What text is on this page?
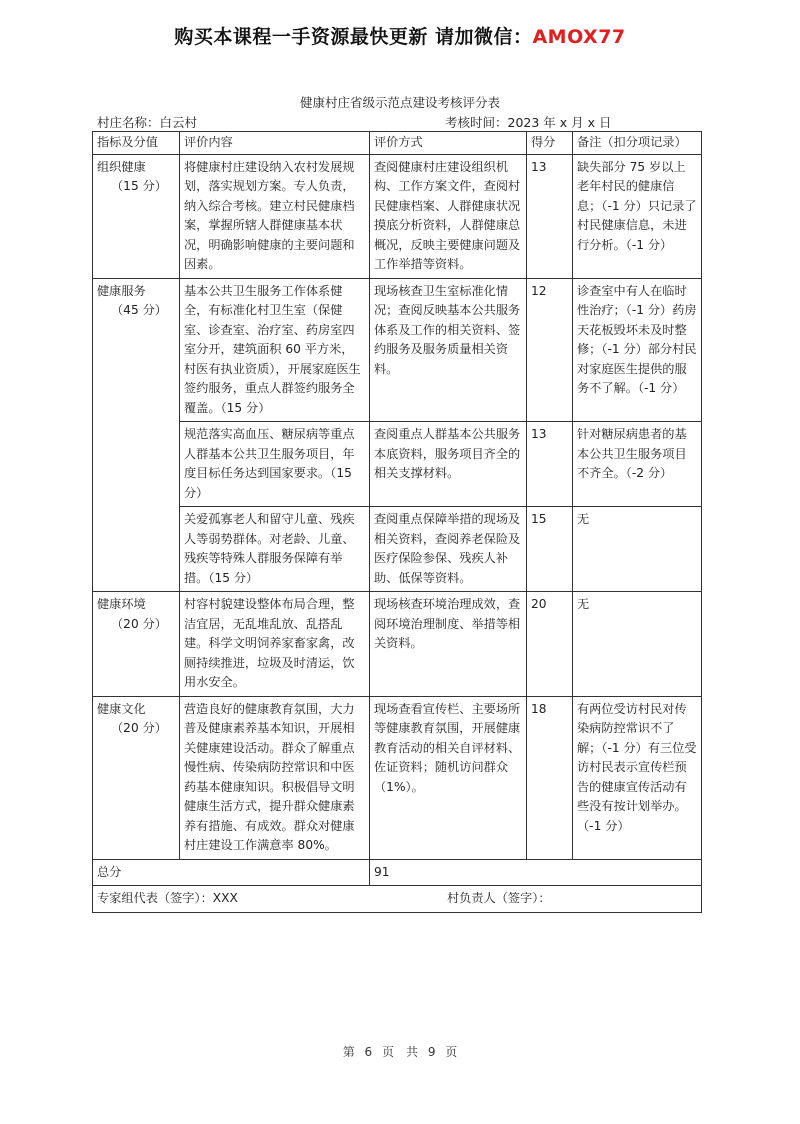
购买本课程一手资源最快更新 请加微信：AMOX77
健康村庄省级示范点建设考核评分表
村庄名称：白云村	考核时间：2023 年 x 月 x 日
指标及分值	评价内容	评价方式	得分	备注（扣分项记录）
组织健康
（15 分）	将健康村庄建设纳入农村发展规划，落实规划方案。专人负责，纳入综合考核。建立村民健康档案，掌握所辖人群健康基本状况，明确影响健康的主要问题和因素。	查阅健康村庄建设组织机构、工作方案文件，查阅村民健康档案、人群健康状况摸底分析资料，人群健康总概况，反映主要健康问题及工作举措等资料。	13	缺失部分 75 岁以上老年村民的健康信息；（-1 分）只记录了村民健康信息，未进行分析。（-1 分）
健康服务
（45 分）	基本公共卫生服务工作体系健全，有标准化村卫生室（保健室、诊查室、治疗室、药房室四室分开，建筑面积 60 平方米，村医有执业资质），开展家庭医生签约服务，重点人群签约服务全覆盖。（15 分）	现场核查卫生室标准化情况；查阅反映基本公共服务体系及工作的相关资料、签约服务及服务质量相关资料。	12	诊查室中有人在临时性治疗；（-1 分）药房天花板毁坏未及时整修；（-1 分）部分村民对家庭医生提供的服务不了解。（-1 分）
	规范落实高血压、糖尿病等重点人群基本公共卫生服务项目，年度目标任务达到国家要求。（15 分）	查阅重点人群基本公共服务本底资料，服务项目齐全的相关支撑材料。	13	针对糖尿病患者的基本公共卫生服务项目不齐全。（-2 分）
	关爱孤寡老人和留守儿童、残疾人等弱势群体。对老龄、儿童、残疾等特殊人群服务保障有举措。（15 分）	查阅重点保障举措的现场及相关资料，查阅养老保险及医疗保险参保、残疾人补助、低保等资料。	15	无
健康环境
（20 分）	村容村貌建设整体布局合理，整洁宜居，无乱堆乱放、乱搭乱建。科学文明饲养家畜家禽，改厕持续推进，垃圾及时清运，饮用水安全。	现场核查环境治理成效，查阅环境治理制度、举措等相关资料。	20	无
健康文化
（20 分）	营造良好的健康教育氛围，大力普及健康素养基本知识，开展相关健康建设活动。群众了解重点慢性病、传染病防控常识和中医药基本健康知识。积极倡导文明健康生活方式，提升群众健康素养有措施、有成效。群众对健康村庄建设工作满意率 80%。	现场查看宣传栏、主要场所等健康教育氛围，开展健康教育活动的相关自评材料、佐证资料；随机访问群众（1%）。	18	有两位受访村民对传染病防控常识不了解；（-1 分）有三位受访村民表示宣传栏预告的健康宣传活动有些没有按计划举办。（-1 分）
总分		91		
专家组代表（签字）：XXX 村负责人（签字）：				
第 6 页　共 9 页
